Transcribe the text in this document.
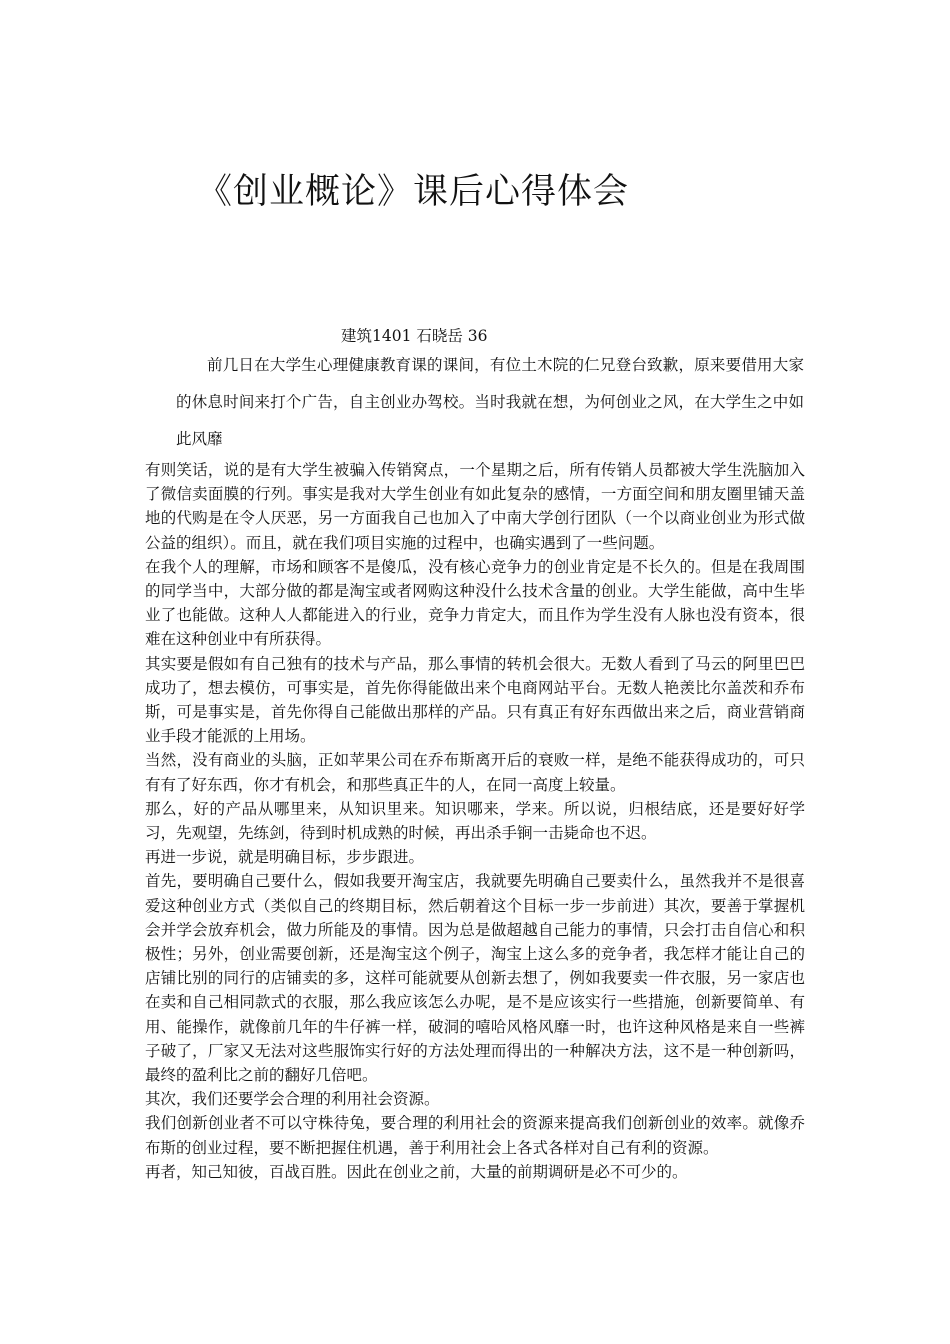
《创业概论》课后心得体会
建筑1401 石晓岳 36

前几日在大学生心理健康教育课的课间，有位土木院的仁兄登台致歉，原来要借用大家的休息时间来打个广告，自主创业办驾校。当时我就在想，为何创业之风，在大学生之中如此风靡

有则笑话，说的是有大学生被骗入传销窝点，一个星期之后，所有传销人员都被大学生洗脑加入了微信卖面膜的行列。事实是我对大学生创业有如此复杂的感情，一方面空间和朋友圈里铺天盖地的代购是在令人厌恶，另一方面我自己也加入了中南大学创行团队（一个以商业创业为形式做公益的组织）。而且，就在我们项目实施的过程中，也确实遇到了一些问题。

在我个人的理解，市场和顾客不是傻瓜，没有核心竞争力的创业肯定是不长久的。但是在我周围的同学当中，大部分做的都是淘宝或者网购这种没什么技术含量的创业。大学生能做，高中生毕业了也能做。这种人人都能进入的行业，竞争力肯定大，而且作为学生没有人脉也没有资本，很难在这种创业中有所获得。

其实要是假如有自己独有的技术与产品，那么事情的转机会很大。无数人看到了马云的阿里巴巴成功了，想去模仿，可事实是，首先你得能做出来个电商网站平台。无数人艳羡比尔盖茨和乔布斯，可是事实是，首先你得自己能做出那样的产品。只有真正有好东西做出来之后，商业营销商业手段才能派的上用场。

当然，没有商业的头脑，正如苹果公司在乔布斯离开后的衰败一样，是绝不能获得成功的，可只有有了好东西，你才有机会，和那些真正牛的人，在同一高度上较量。

那么，好的产品从哪里来，从知识里来。知识哪来，学来。所以说，归根结底，还是要好好学习，先观望，先练剑，待到时机成熟的时候，再出杀手锏一击毙命也不迟。

再进一步说，就是明确目标，步步跟进。

首先，要明确自己要什么，假如我要开淘宝店，我就要先明确自己要卖什么，虽然我并不是很喜爱这种创业方式（类似自己的终期目标，然后朝着这个目标一步一步前进）其次，要善于掌握机会并学会放弃机会，做力所能及的事情。因为总是做超越自己能力的事情，只会打击自信心和积极性；另外，创业需要创新，还是淘宝这个例子，淘宝上这么多的竞争者，我怎样才能让自己的店铺比别的同行的店铺卖的多，这样可能就要从创新去想了，例如我要卖一件衣服，另一家店也在卖和自己相同款式的衣服，那么我应该怎么办呢，是不是应该实行一些措施，创新要简单、有用、能操作，就像前几年的牛仔裤一样，破洞的嘻哈风格风靡一时，也许这种风格是来自一些裤子破了，厂家又无法对这些服饰实行好的方法处理而得出的一种解决方法，这不是一种创新吗，最终的盈利比之前的翻好几倍吧。

其次，我们还要学会合理的利用社会资源。

我们创新创业者不可以守株待兔，要合理的利用社会的资源来提高我们创新创业的效率。就像乔布斯的创业过程，要不断把握住机遇，善于利用社会上各式各样对自己有利的资源。

再者，知己知彼，百战百胜。因此在创业之前，大量的前期调研是必不可少的。
